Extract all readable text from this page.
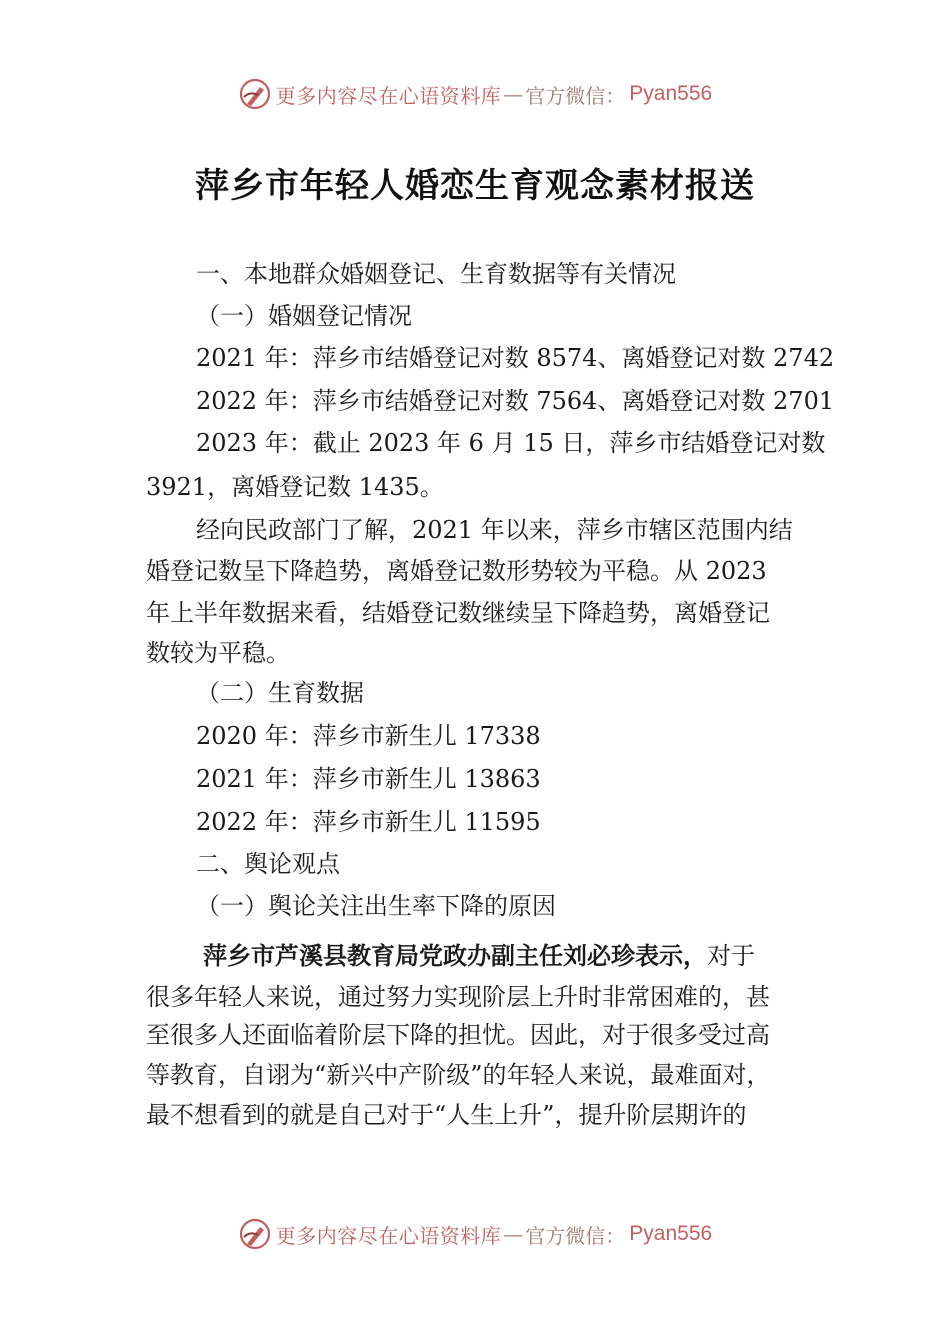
更多内容尽在心语资料库 — 官方微信： Pyan556
萍乡市年轻人婚恋生育观念素材报送
一、本地群众婚姻登记、生育数据等有关情况
（一）婚姻登记情况
2021 年：萍乡市结婚登记对数 8574、离婚登记对数 2742
2022 年：萍乡市结婚登记对数 7564、离婚登记对数 2701
2023 年：截止 2023 年 6 月 15 日，萍乡市结婚登记对数
3921，离婚登记数 1435。
经向民政部门了解，2021 年以来，萍乡市辖区范围内结
婚登记数呈下降趋势，离婚登记数形势较为平稳。从 2023
年上半年数据来看，结婚登记数继续呈下降趋势，离婚登记
数较为平稳。
（二）生育数据
2020 年：萍乡市新生儿 17338
2021 年：萍乡市新生儿 13863
2022 年：萍乡市新生儿 11595
二、舆论观点
（一）舆论关注出生率下降的原因
萍乡市芦溪县教育局党政办副主任刘必珍表示，对于
很多年轻人来说，通过努力实现阶层上升时非常困难的，甚
至很多人还面临着阶层下降的担忧。因此，对于很多受过高
等教育，自诩为“新兴中产阶级”的年轻人来说，最难面对，
最不想看到的就是自己对于“人生上升”，提升阶层期许的
更多内容尽在心语资料库 — 官方微信： Pyan556
